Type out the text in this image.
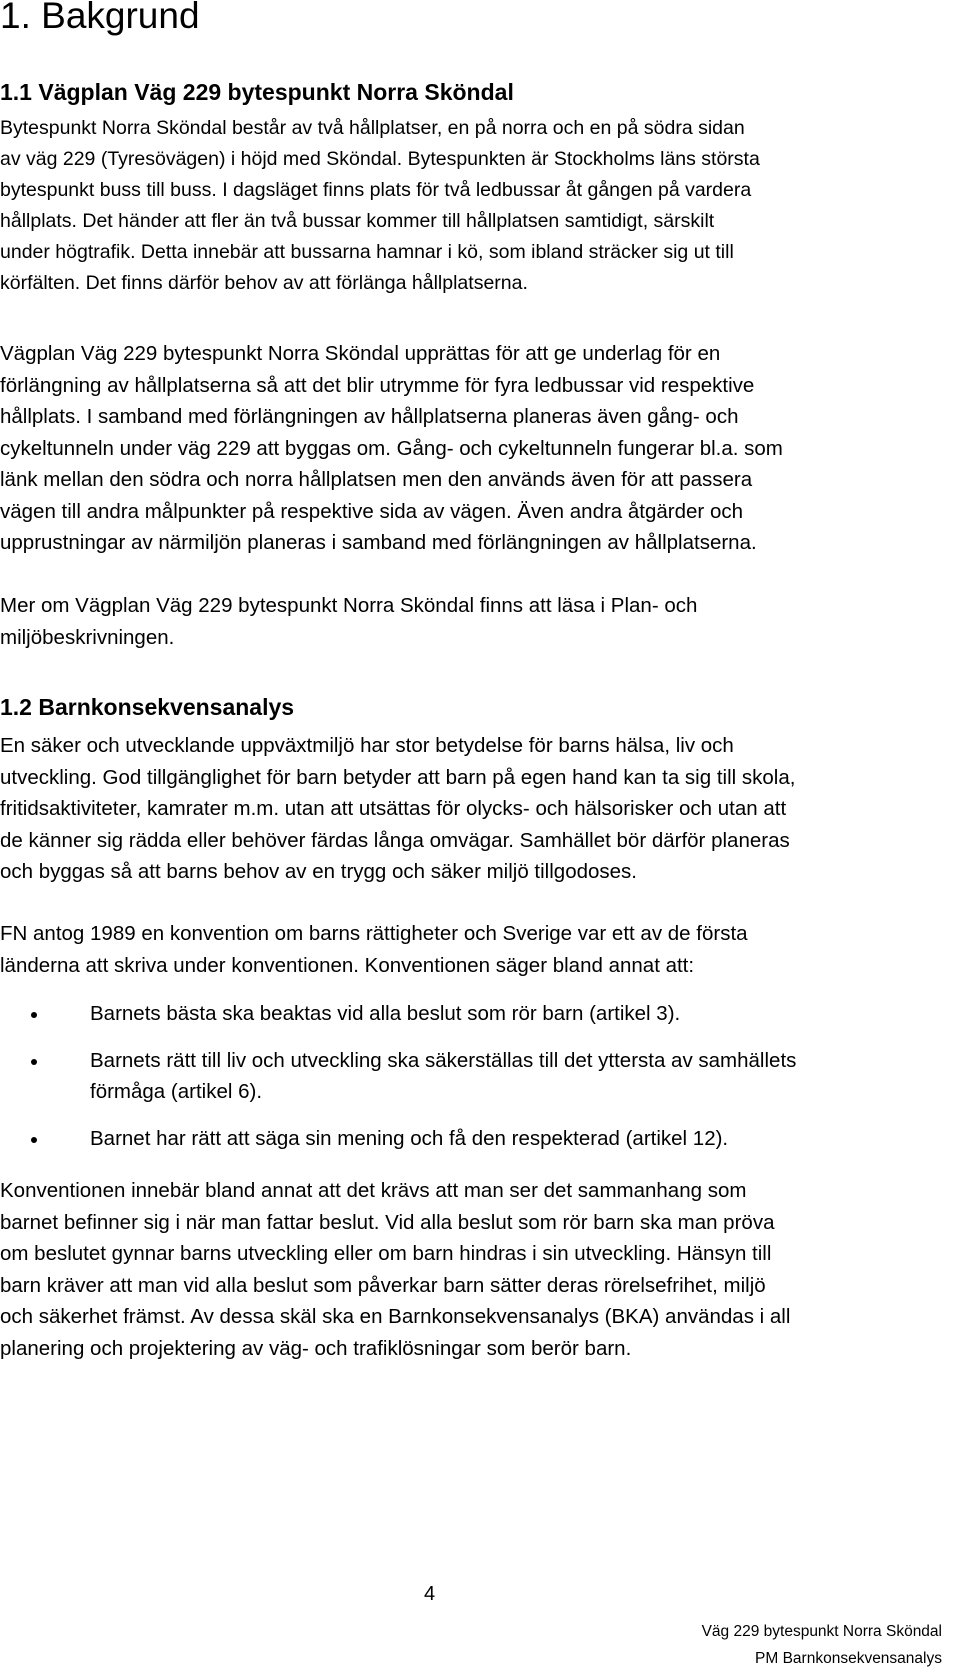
1. Bakgrund
1.1 Vägplan Väg 229 bytespunkt Norra Sköndal
Bytespunkt Norra Sköndal består av två hållplatser, en på norra och en på södra sidan
av väg 229 (Tyresövägen) i höjd med Sköndal. Bytespunkten är Stockholms läns största
bytespunkt buss till buss. I dagsläget finns plats för två ledbussar åt gången på vardera
hållplats. Det händer att fler än två bussar kommer till hållplatsen samtidigt, särskilt
under högtrafik. Detta innebär att bussarna hamnar i kö, som ibland sträcker sig ut till
körfälten. Det finns därför behov av att förlänga hållplatserna.
Vägplan Väg 229 bytespunkt Norra Sköndal upprättas för att ge underlag för en
förlängning av hållplatserna så att det blir utrymme för fyra ledbussar vid respektive
hållplats. I samband med förlängningen av hållplatserna planeras även gång- och
cykeltunneln under väg 229 att byggas om. Gång- och cykeltunneln fungerar bl.a. som
länk mellan den södra och norra hållplatsen men den används även för att passera
vägen till andra målpunkter på respektive sida av vägen. Även andra åtgärder och
upprustningar av närmiljön planeras i samband med förlängningen av hållplatserna.
Mer om Vägplan Väg 229 bytespunkt Norra Sköndal finns att läsa i Plan- och
miljöbeskrivningen.
1.2 Barnkonsekvensanalys
En säker och utvecklande uppväxtmiljö har stor betydelse för barns hälsa, liv och
utveckling. God tillgänglighet för barn betyder att barn på egen hand kan ta sig till skola,
fritidsaktiviteter, kamrater m.m. utan att utsättas för olycks- och hälsorisker och utan att
de känner sig rädda eller behöver färdas långa omvägar. Samhället bör därför planeras
och byggas så att barns behov av en trygg och säker miljö tillgodoses.
FN antog 1989 en konvention om barns rättigheter och Sverige var ett av de första
länderna att skriva under konventionen. Konventionen säger bland annat att:
Barnets bästa ska beaktas vid alla beslut som rör barn (artikel 3).
Barnets rätt till liv och utveckling ska säkerställas till det yttersta av samhällets
förmåga (artikel 6).
Barnet har rätt att säga sin mening och få den respekterad (artikel 12).
Konventionen innebär bland annat att det krävs att man ser det sammanhang som
barnet befinner sig i när man fattar beslut. Vid alla beslut som rör barn ska man pröva
om beslutet gynnar barns utveckling eller om barn hindras i sin utveckling. Hänsyn till
barn kräver att man vid alla beslut som påverkar barn sätter deras rörelsefrihet, miljö
och säkerhet främst. Av dessa skäl ska en Barnkonsekvensanalys (BKA) användas i all
planering och projektering av väg- och trafiklösningar som berör barn.
4
Väg 229 bytespunkt Norra Sköndal
PM Barnkonsekvensanalys
